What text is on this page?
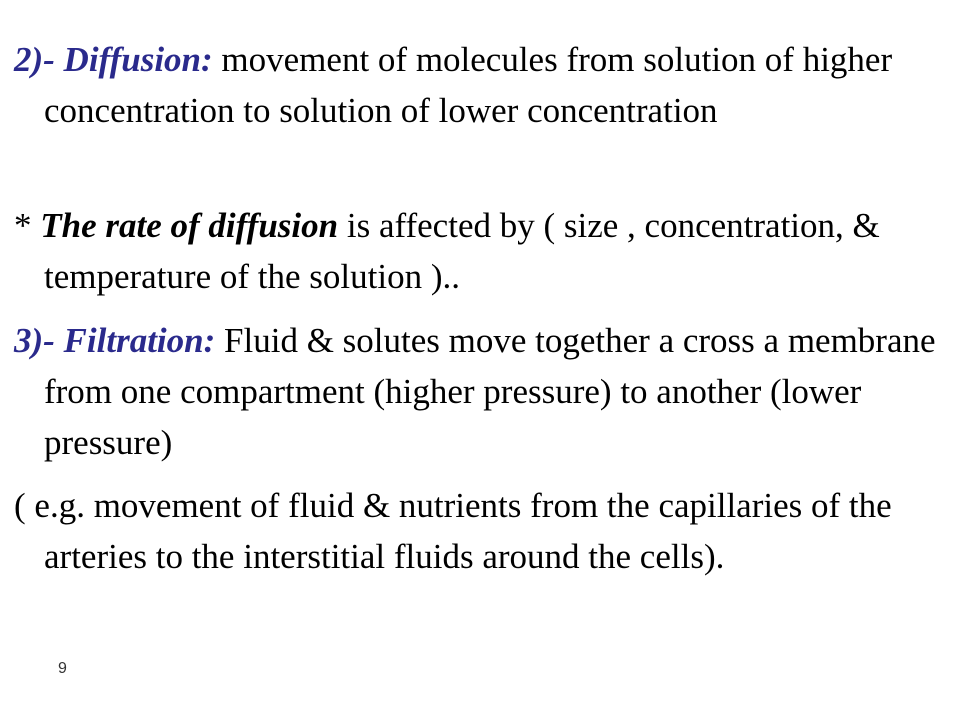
2)- Diffusion: movement of molecules from solution of higher concentration to solution of lower concentration

* The rate of diffusion is affected by ( size , concentration, & temperature of the solution )..

3)- Filtration: Fluid & solutes move together a cross a membrane from one compartment (higher pressure) to another (lower pressure)

( e.g. movement of fluid & nutrients from the capillaries of the arteries to the interstitial fluids around the cells).

9
